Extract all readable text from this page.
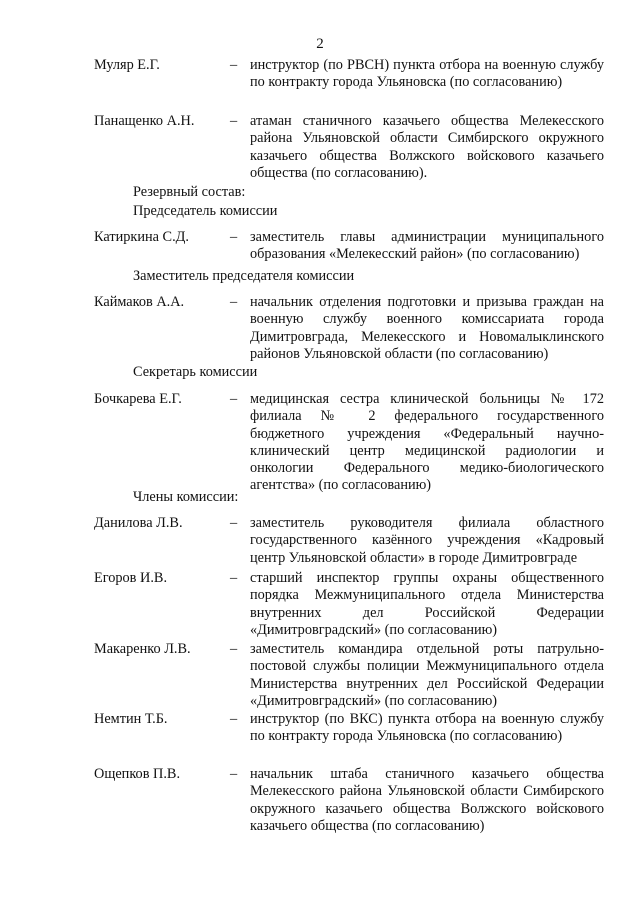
2
Муляр Е.Г.	– инструктор (по РВСН) пункта отбора на военную службу по контракту города Ульяновска (по согласованию)
Панащенко А.Н. – атаман станичного казачьего общества Мелекесского района Ульяновской области Симбирского окружного казачьего общества Волжского войскового казачьего общества (по согласованию).
Резервный состав:
Председатель комиссии
Катиркина С.Д.	– заместитель главы администрации муниципального образования «Мелекесский район» (по согласованию)
Заместитель председателя комиссии
Каймаков А.А.	– начальник отделения подготовки и призыва граждан на военную службу военного комиссариата города Димитровграда, Мелекесского и Новомалыклинского районов Ульяновской области (по согласованию)
Секретарь комиссии
Бочкарева Е.Г.	– медицинская сестра клинической больницы № 172 филиала № 2 федерального государственного бюджетного учреждения «Федеральный научно-клинический центр медицинской радиологии и онкологии Федерального медико-биологического агентства» (по согласованию)
Члены комиссии:
Данилова Л.В.	– заместитель руководителя филиала областного государственного казённого учреждения «Кадровый центр Ульяновской области» в городе Димитровграде
Егоров И.В.	– старший инспектор группы охраны общественного порядка Межмуниципального отдела Министерства внутренних дел Российской Федерации «Димитровградский» (по согласованию)
Макаренко Л.В.	– заместитель командира отдельной роты патрульно-постовой службы полиции Межмуниципального отдела Министерства внутренних дел Российской Федерации «Димитровградский» (по согласованию)
Немтин Т.Б.	– инструктор (по ВКС) пункта отбора на военную службу по контракту города Ульяновска (по согласованию)
Ощепков П.В.	– начальник штаба станичного казачьего общества Мелекесского района Ульяновской области Симбирского окружного казачьего общества Волжского войскового казачьего общества (по согласованию)
